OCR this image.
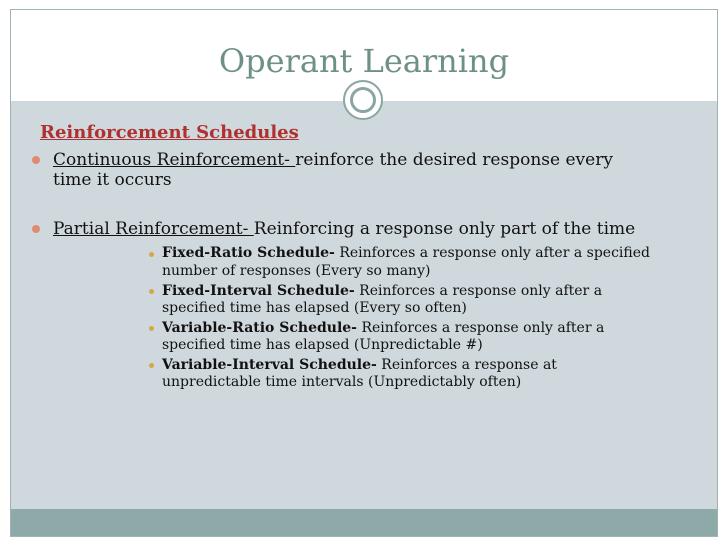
Operant Learning
Reinforcement Schedules
Continuous Reinforcement- reinforce the desired response every
time it occurs
Partial Reinforcement- Reinforcing a response only part of the time
Fixed-Ratio Schedule- Reinforces a response only after a specified
number of responses (Every so many)
Fixed-Interval Schedule- Reinforces a response only after a
specified time has elapsed (Every so often)
Variable-Ratio Schedule- Reinforces a response only after a
specified time has elapsed (Unpredictable #)
Variable-Interval Schedule- Reinforces a response at
unpredictable time intervals (Unpredictably often)
